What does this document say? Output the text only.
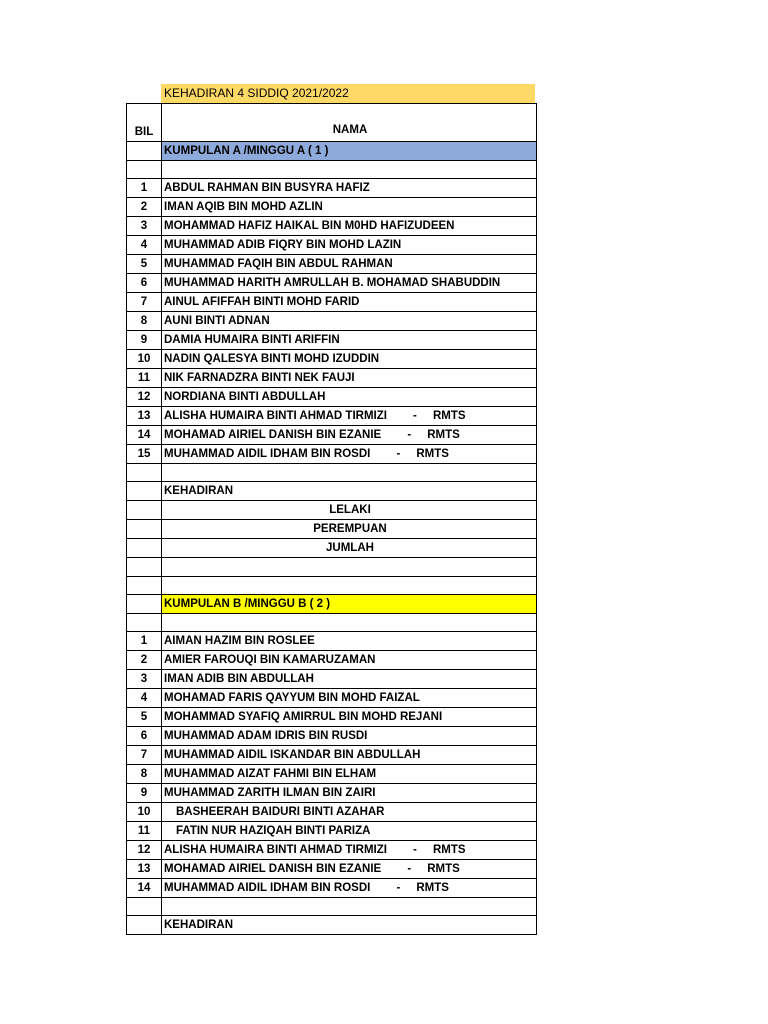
KEHADIRAN 4 SIDDIQ 2021/2022
BIL	NAMA
	KUMPULAN A /MINGGU A ( 1 )

1	ABDUL RAHMAN BIN BUSYRA HAFIZ
2	IMAN AQIB BIN MOHD AZLIN
3	MOHAMMAD HAFIZ HAIKAL BIN M0HD HAFIZUDEEN
4	MUHAMMAD ADIB FIQRY BIN MOHD LAZIN
5	MUHAMMAD FAQIH BIN ABDUL RAHMAN
6	MUHAMMAD HARITH AMRULLAH B. MOHAMAD SHABUDDIN
7	AINUL AFIFFAH BINTI MOHD FARID
8	AUNI BINTI ADNAN
9	DAMIA HUMAIRA BINTI ARIFFIN
10	NADIN QALESYA BINTI MOHD IZUDDIN
11	NIK FARNADZRA BINTI NEK FAUJI
12	NORDIANA BINTI ABDULLAH
13	ALISHA HUMAIRA BINTI AHMAD TIRMIZI - RMTS
14	MOHAMAD AIRIEL DANISH BIN EZANIE - RMTS
15	MUHAMMAD AIDIL IDHAM BIN ROSDI - RMTS

	KEHADIRAN
	LELAKI
	PEREMPUAN
	JUMLAH

	KUMPULAN B /MINGGU B ( 2 )

1	AIMAN HAZIM BIN ROSLEE
2	AMIER FAROUQI BIN KAMARUZAMAN
3	IMAN ADIB BIN ABDULLAH
4	MOHAMAD FARIS QAYYUM BIN MOHD FAIZAL
5	MOHAMMAD SYAFIQ AMIRRUL BIN MOHD REJANI
6	MUHAMMAD ADAM IDRIS BIN RUSDI
7	MUHAMMAD AIDIL ISKANDAR BIN ABDULLAH
8	MUHAMMAD AIZAT FAHMI BIN ELHAM
9	MUHAMMAD ZARITH ILMAN BIN ZAIRI
10	BASHEERAH BAIDURI BINTI AZAHAR
11	FATIN NUR HAZIQAH BINTI PARIZA
12	ALISHA HUMAIRA BINTI AHMAD TIRMIZI - RMTS
13	MOHAMAD AIRIEL DANISH BIN EZANIE - RMTS
14	MUHAMMAD AIDIL IDHAM BIN ROSDI - RMTS

	KEHADIRAN
